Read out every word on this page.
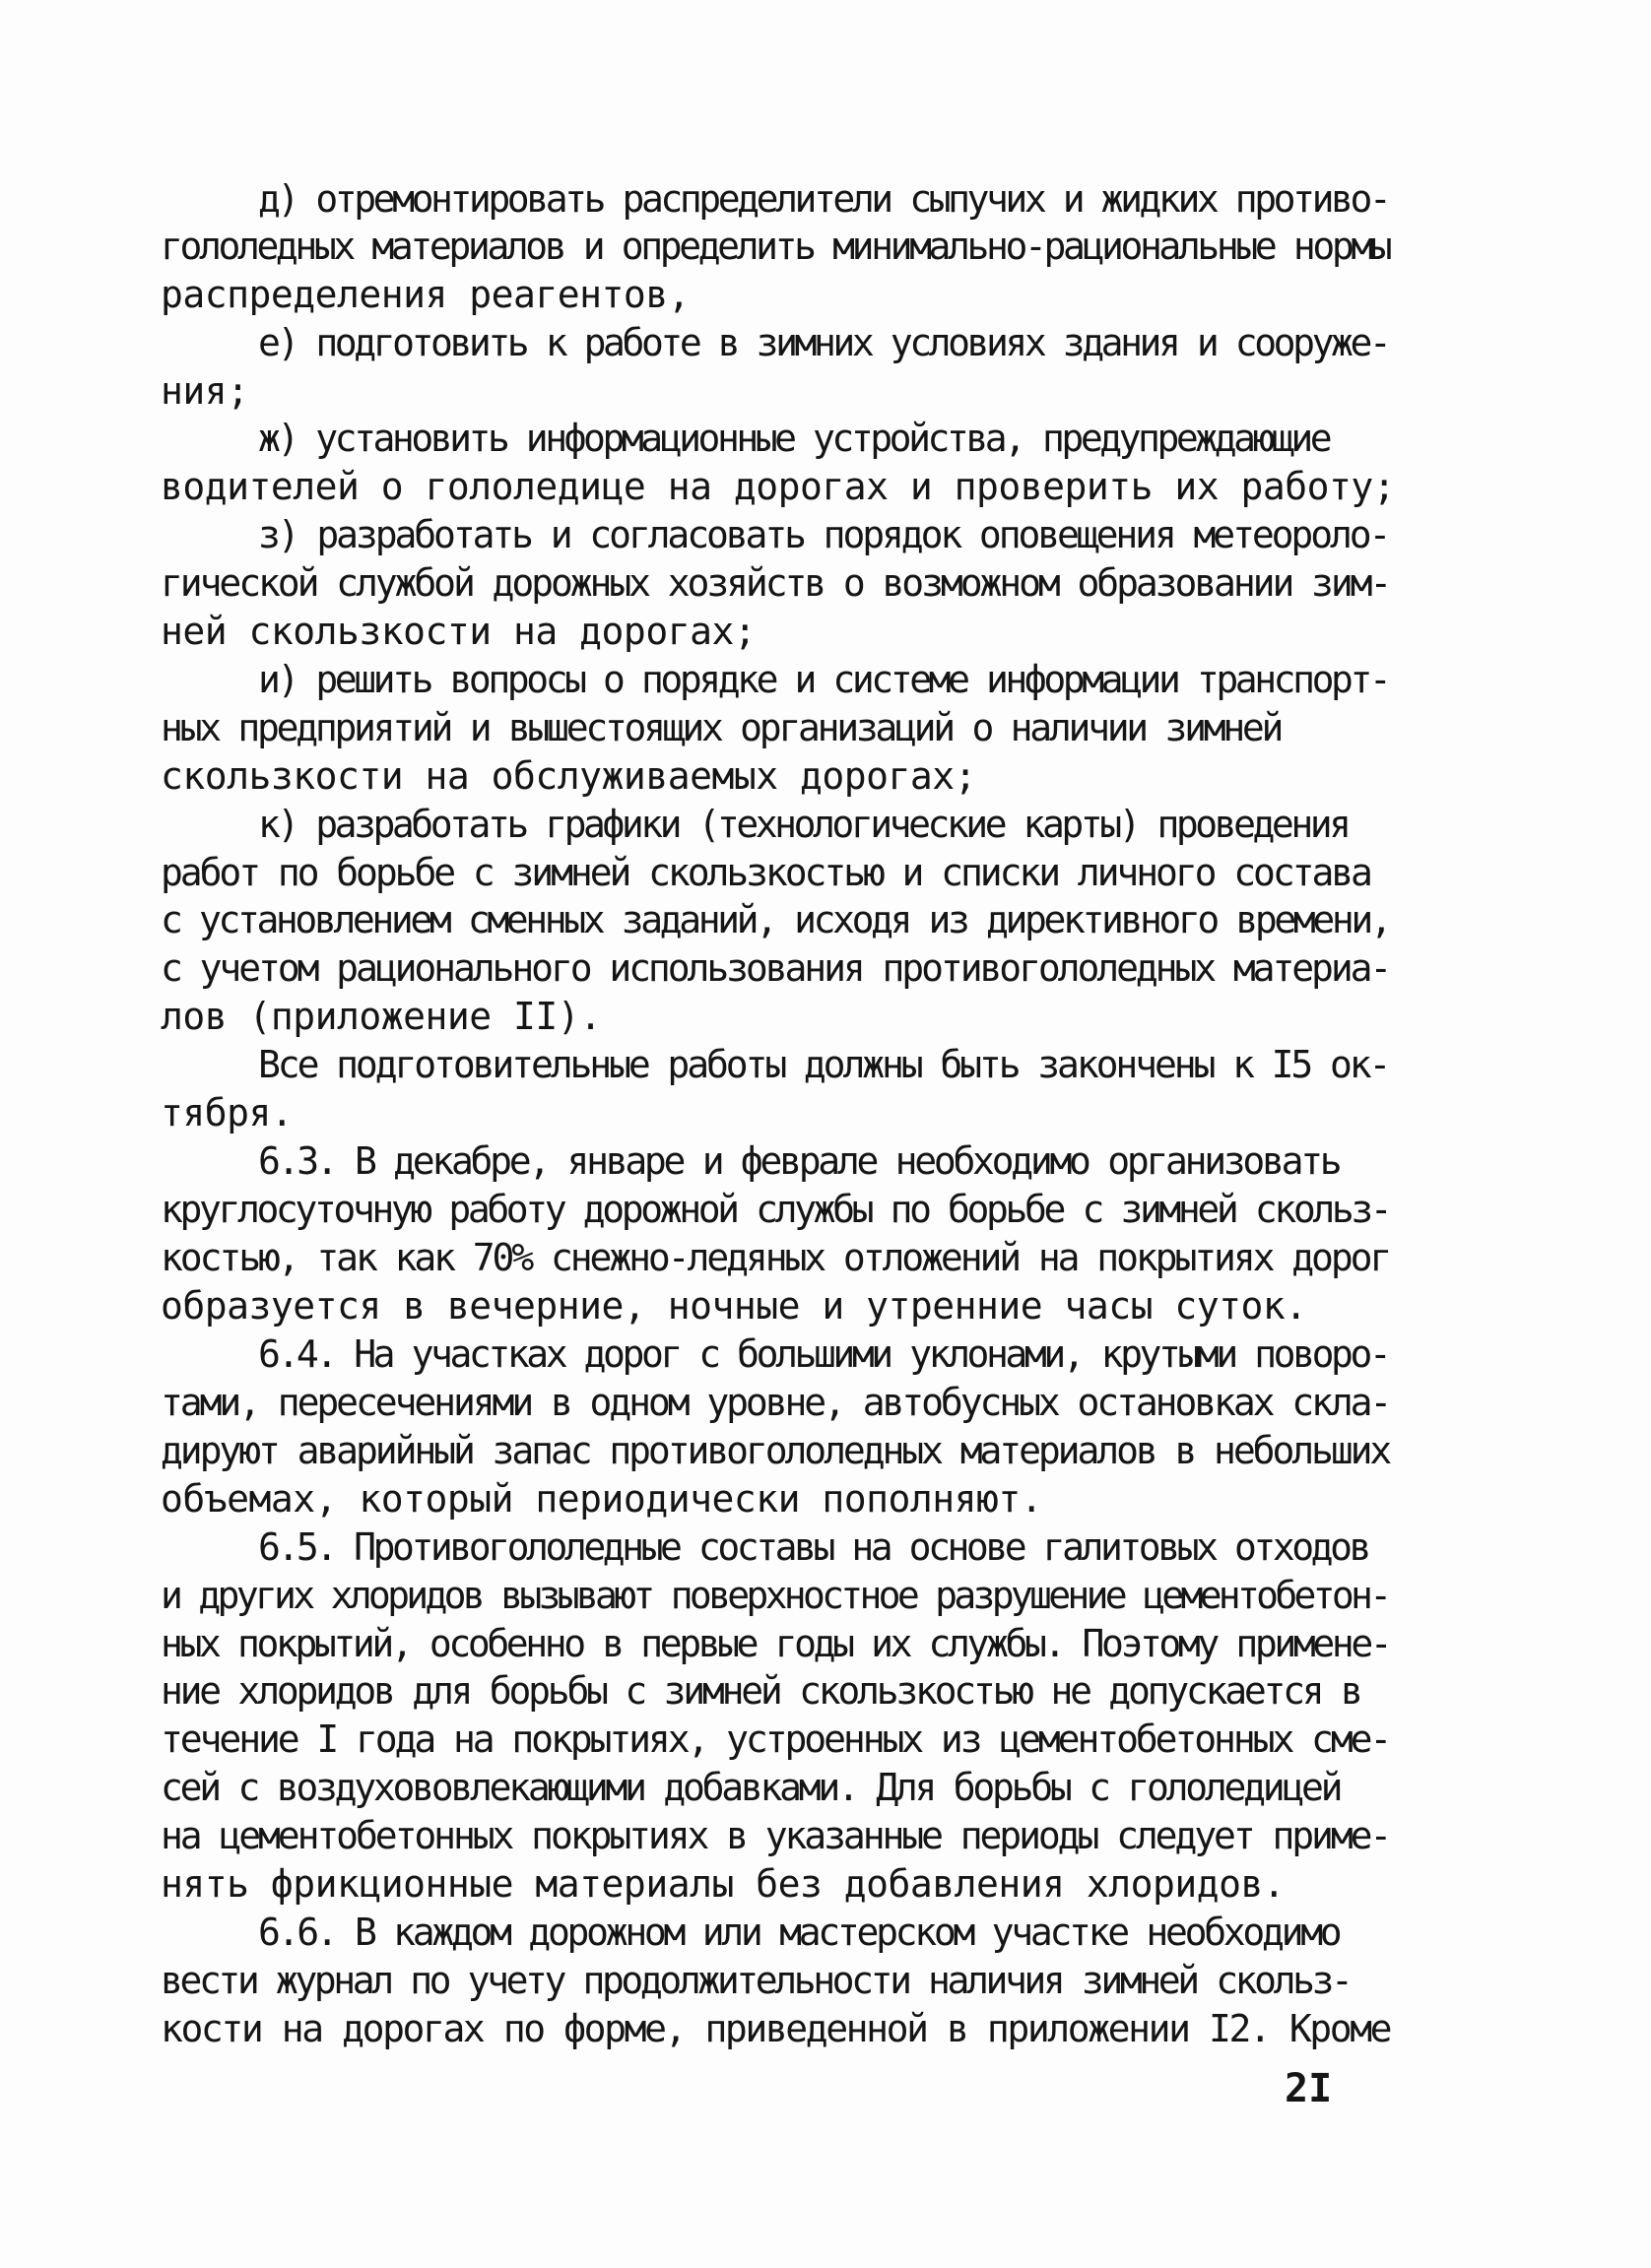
д) отремонтировать распределители сыпучих и жидких противо-
гололедных материалов и определить минимально-рациональные нормы
распределения реагентов,
е) подготовить к работе в зимних условиях здания и сооруже-
ния;
ж) установить информационные устройства, предупреждающие
водителей о гололедице на дорогах и проверить их работу;
з) разработать и согласовать порядок оповещения метеороло-
гической службой дорожных хозяйств о возможном образовании зим-
ней скользкости на дорогах;
и) решить вопросы о порядке и системе информации транспорт-
ных предприятий и вышестоящих организаций о наличии зимней
скользкости на обслуживаемых дорогах;
к) разработать графики (технологические карты) проведения
работ по борьбе с зимней скользкостью и списки личного состава
с установлением сменных заданий, исходя из директивного времени,
с учетом рационального использования противогололедных материа-
лов (приложение II).
Все подготовительные работы должны быть закончены к I5 ок-
тября.
6.3. В декабре, январе и феврале необходимо организовать
круглосуточную работу дорожной службы по борьбе с зимней скольз-
костью, так как 70% снежно-ледяных отложений на покрытиях дорог
образуется в вечерние, ночные и утренние часы суток.
6.4. На участках дорог с большими уклонами, крутыми поворо-
тами, пересечениями в одном уровне, автобусных остановках скла-
дируют аварийный запас противогололедных материалов в небольших
объемах, который периодически пополняют.
6.5. Противогололедные составы на основе галитовых отходов
и других хлоридов вызывают поверхностное разрушение цементобетон-
ных покрытий, особенно в первые годы их службы. Поэтому примене-
ние хлоридов для борьбы с зимней скользкостью не допускается в
течение I года на покрытиях, устроенных из цементобетонных сме-
сей с воздухововлекающими добавками. Для борьбы с гололедицей
на цементобетонных покрытиях в указанные периоды следует приме-
нять фрикционные материалы без добавления хлоридов.
6.6. В каждом дорожном или мастерском участке необходимо
вести журнал по учету продолжительности наличия зимней скольз-
кости на дорогах по форме, приведенной в приложении I2. Кроме
2I
